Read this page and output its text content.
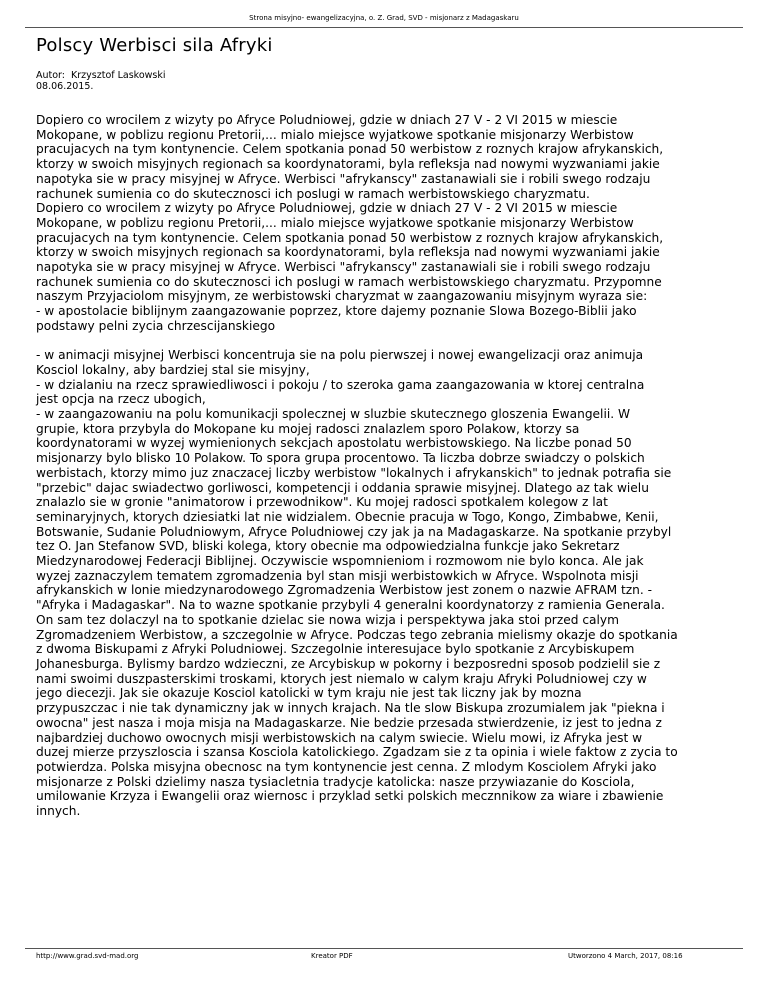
Strona misyjno- ewangelizacyjna, o. Z. Grad, SVD - misjonarz z Madagaskaru
Polscy Werbisci sila Afryki
Autor:  Krzysztof Laskowski
08.06.2015.

Dopiero co wrocilem z wizyty po Afryce Poludniowej, gdzie w dniach 27 V - 2 VI 2015 w miescie
Mokopane, w poblizu regionu Pretorii,... mialo miejsce wyjatkowe spotkanie misjonarzy Werbistow
pracujacych na tym kontynencie. Celem spotkania ponad 50 werbistow z roznych krajow afrykanskich,
ktorzy w swoich misyjnych regionach sa koordynatorami, byla refleksja nad nowymi wyzwaniami jakie
napotyka sie w pracy misyjnej w Afryce. Werbisci "afrykanscy" zastanawiali sie i robili swego rodzaju
rachunek sumienia co do skutecznosci ich poslugi w ramach werbistowskiego charyzmatu.
Dopiero co wrocilem z wizyty po Afryce Poludniowej, gdzie w dniach 27 V - 2 VI 2015 w miescie
Mokopane, w poblizu regionu Pretorii,... mialo miejsce wyjatkowe spotkanie misjonarzy Werbistow
pracujacych na tym kontynencie. Celem spotkania ponad 50 werbistow z roznych krajow afrykanskich,
ktorzy w swoich misyjnych regionach sa koordynatorami, byla refleksja nad nowymi wyzwaniami jakie
napotyka sie w pracy misyjnej w Afryce. Werbisci "afrykanscy" zastanawiali sie i robili swego rodzaju
rachunek sumienia co do skutecznosci ich poslugi w ramach werbistowskiego charyzmatu. Przypomne
naszym Przyjaciolom misyjnym, ze werbistowski charyzmat w zaangazowaniu misyjnym wyraza sie:
- w apostolacie biblijnym zaangazowanie poprzez, ktore dajemy poznanie Slowa Bozego-Biblii jako
podstawy pelni zycia chrzescijanskiego

- w animacji misyjnej Werbisci koncentruja sie na polu pierwszej i nowej ewangelizacji oraz animuja
Kosciol lokalny, aby bardziej stal sie misyjny,
- w dzialaniu na rzecz sprawiedliwosci i pokoju / to szeroka gama zaangazowania w ktorej centralna
jest opcja na rzecz ubogich,
- w zaangazowaniu na polu komunikacji spolecznej w sluzbie skutecznego gloszenia Ewangelii. W
grupie, ktora przybyla do Mokopane ku mojej radosci znalazlem sporo Polakow, ktorzy sa
koordynatorami w wyzej wymienionych sekcjach apostolatu werbistowskiego. Na liczbe ponad 50
misjonarzy bylo blisko 10 Polakow. To spora grupa procentowo. Ta liczba dobrze swiadczy o polskich
werbistach, ktorzy mimo juz znaczacej liczby werbistow "lokalnych i afrykanskich" to jednak potrafia sie
"przebic" dajac swiadectwo gorliwosci, kompetencji i oddania sprawie misyjnej. Dlatego az tak wielu
znalazlo sie w gronie "animatorow i przewodnikow". Ku mojej radosci spotkalem kolegow z lat
seminaryjnych, ktorych dziesiatki lat nie widzialem. Obecnie pracuja w Togo, Kongo, Zimbabwe, Kenii,
Botswanie, Sudanie Poludniowym, Afryce Poludniowej czy jak ja na Madagaskarze. Na spotkanie przybyl
tez O. Jan Stefanow SVD, bliski kolega, ktory obecnie ma odpowiedzialna funkcje jako Sekretarz
Miedzynarodowej Federacji Biblijnej. Oczywiscie wspomnieniom i rozmowom nie bylo konca. Ale jak
wyzej zaznaczylem tematem zgromadzenia byl stan misji werbistowkich w Afryce. Wspolnota misji
afrykanskich w lonie miedzynarodowego Zgromadzenia Werbistow jest zonem o nazwie AFRAM tzn. -
"Afryka i Madagaskar". Na to wazne spotkanie przybyli 4 generalni koordynatorzy z ramienia Generala.
On sam tez dolaczyl na to spotkanie dzielac sie nowa wizja i perspektywa jaka stoi przed calym
Zgromadzeniem Werbistow, a szczegolnie w Afryce. Podczas tego zebrania mielismy okazje do spotkania
z dwoma Biskupami z Afryki Poludniowej. Szczegolnie interesujace bylo spotkanie z Arcybiskupem
Johanesburga. Bylismy bardzo wdzieczni, ze Arcybiskup w pokorny i bezposredni sposob podzielil sie z
nami swoimi duszpasterskimi troskami, ktorych jest niemalo w calym kraju Afryki Poludniowej czy w
jego diecezji. Jak sie okazuje Kosciol katolicki w tym kraju nie jest tak liczny jak by mozna
przypuszczac i nie tak dynamiczny jak w innych krajach. Na tle slow Biskupa zrozumialem jak "piekna i
owocna" jest nasza i moja misja na Madagaskarze. Nie bedzie przesada stwierdzenie, iz jest to jedna z
najbardziej duchowo owocnych misji werbistowskich na calym swiecie. Wielu mowi, iz Afryka jest w
duzej mierze przyszloscia i szansa Kosciola katolickiego. Zgadzam sie z ta opinia i wiele faktow z zycia to
potwierdza. Polska misyjna obecnosc na tym kontynencie jest cenna. Z mlodym Kosciolem Afryki jako
misjonarze z Polski dzielimy nasza tysiacletnia tradycje katolicka: nasze przywiazanie do Kosciola,
umilowanie Krzyza i Ewangelii oraz wiernosc i przyklad setki polskich mecznnikow za wiare i zbawienie
innych.

http://www.grad.svd-mad.org	Kreator PDF	Utworzono 4 March, 2017, 08:16
